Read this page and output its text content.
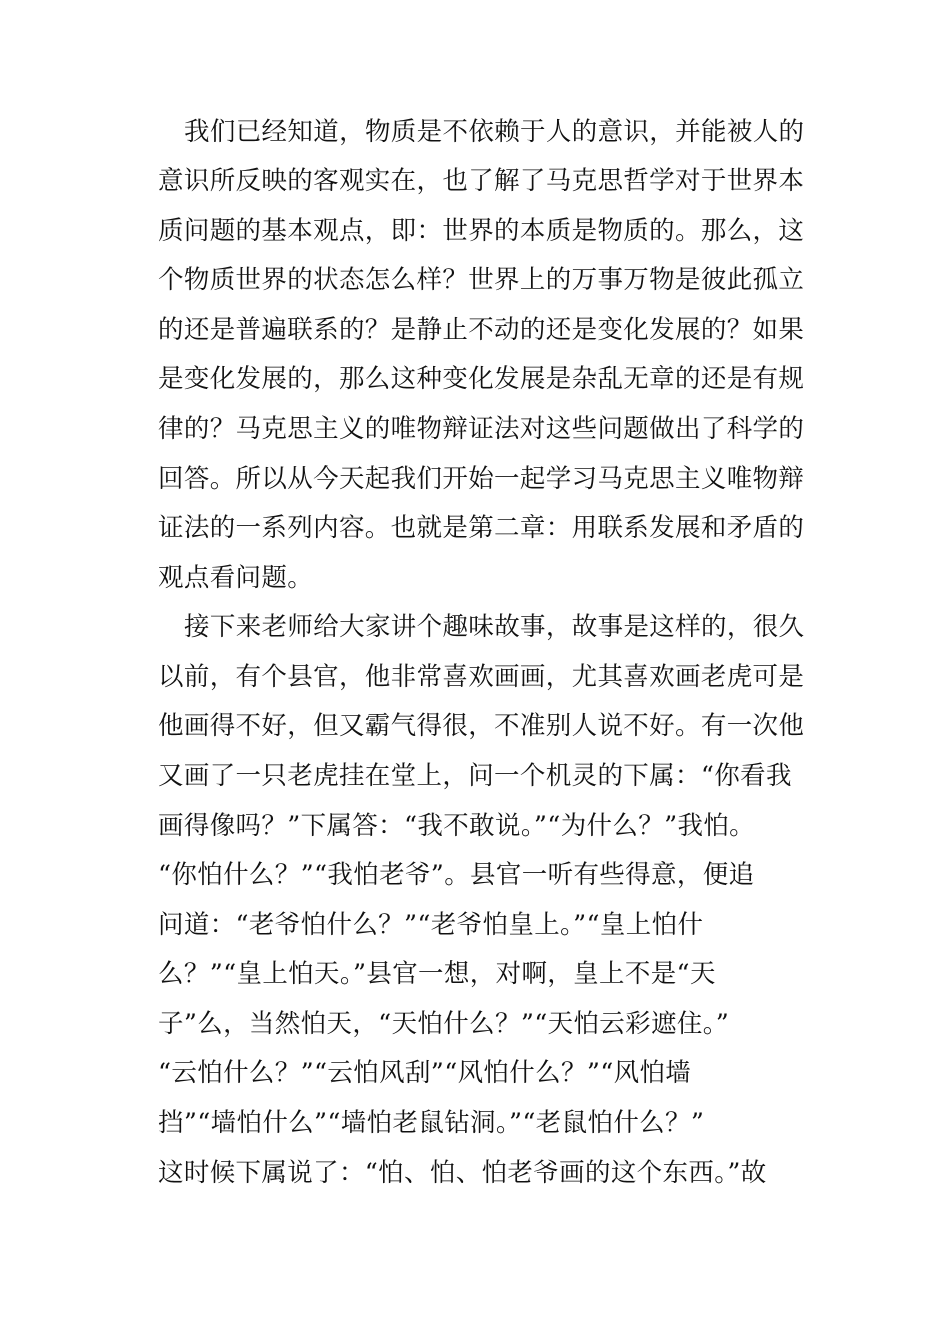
我们已经知道，物质是不依赖于人的意识，并能被人的
意识所反映的客观实在，也了解了马克思哲学对于世界本
质问题的基本观点，即：世界的本质是物质的。那么，这
个物质世界的状态怎么样？世界上的万事万物是彼此孤立
的还是普遍联系的？是静止不动的还是变化发展的？如果
是变化发展的，那么这种变化发展是杂乱无章的还是有规
律的？马克思主义的唯物辩证法对这些问题做出了科学的
回答。所以从今天起我们开始一起学习马克思主义唯物辩
证法的一系列内容。也就是第二章：用联系发展和矛盾的
观点看问题。
接下来老师给大家讲个趣味故事，故事是这样的，很久
以前，有个县官，他非常喜欢画画，尤其喜欢画老虎可是
他画得不好，但又霸气得很，不准别人说不好。有一次他
又画了一只老虎挂在堂上，问一个机灵的下属：“你看我
画得像吗？”下属答：“我不敢说。”“为什么？”我怕。
“你怕什么？”“我怕老爷”。县官一听有些得意，便追
问道：“老爷怕什么？”“老爷怕皇上。”“皇上怕什
么？”“皇上怕天。”县官一想，对啊，皇上不是“天
子”么，当然怕天，“天怕什么？”“天怕云彩遮住。”
“云怕什么？”“云怕风刮”“风怕什么？”“风怕墙
挡”“墙怕什么”“墙怕老鼠钻洞。”“老鼠怕什么？”
这时候下属说了：“怕、怕、怕老爷画的这个东西。”故
